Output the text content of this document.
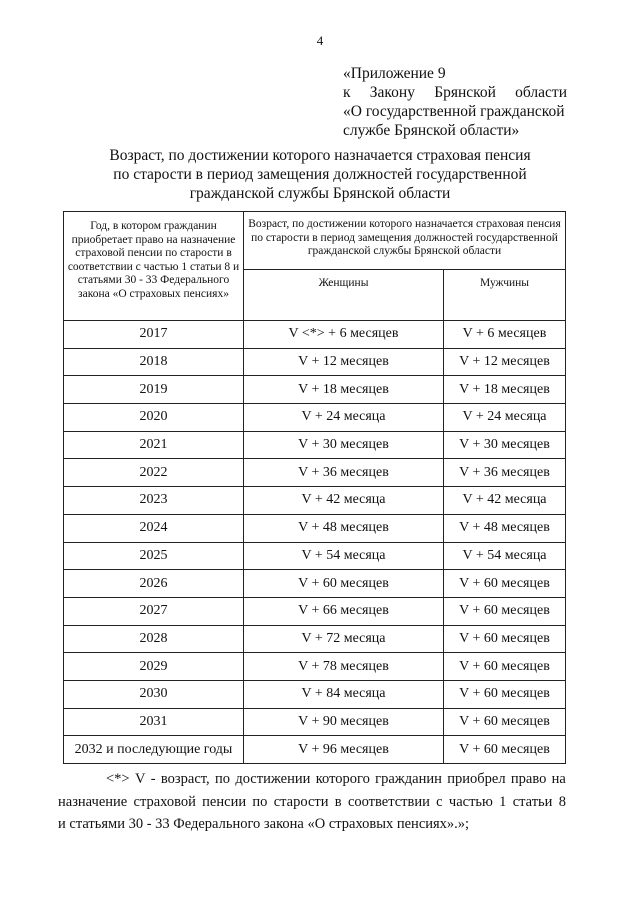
4
«Приложение 9
к Закону Брянской области
«О государственной гражданской
службе Брянской области»
Возраст, по достижении которого назначается страховая пенсия
по старости в период замещения должностей государственной
гражданской службы Брянской области
Год, в котором гражданин приобретает право на назначение страховой пенсии по старости в соответствии с частью 1 статьи 8 и статьями 30 - 33 Федерального закона «О страховых пенсиях»	Возраст, по достижении которого назначается страховая пенсия по старости в период замещения должностей государственной гражданской службы Брянской области	
	Женщины	Мужчины
2017	V <*> + 6 месяцев	V + 6 месяцев
2018	V + 12 месяцев	V + 12 месяцев
2019	V + 18 месяцев	V + 18 месяцев
2020	V + 24 месяца	V + 24 месяца
2021	V + 30 месяцев	V + 30 месяцев
2022	V + 36 месяцев	V + 36 месяцев
2023	V + 42 месяца	V + 42 месяца
2024	V + 48 месяцев	V + 48 месяцев
2025	V + 54 месяца	V + 54 месяца
2026	V + 60 месяцев	V + 60 месяцев
2027	V + 66 месяцев	V + 60 месяцев
2028	V + 72 месяца	V + 60 месяцев
2029	V + 78 месяцев	V + 60 месяцев
2030	V + 84 месяца	V + 60 месяцев
2031	V + 90 месяцев	V + 60 месяцев
2032 и последующие годы	V + 96 месяцев	V + 60 месяцев
<*> V - возраст, по достижении которого гражданин приобрел право на
назначение страховой пенсии по старости в соответствии с частью 1 статьи 8
и статьями 30 - 33 Федерального закона «О страховых пенсиях».»;
